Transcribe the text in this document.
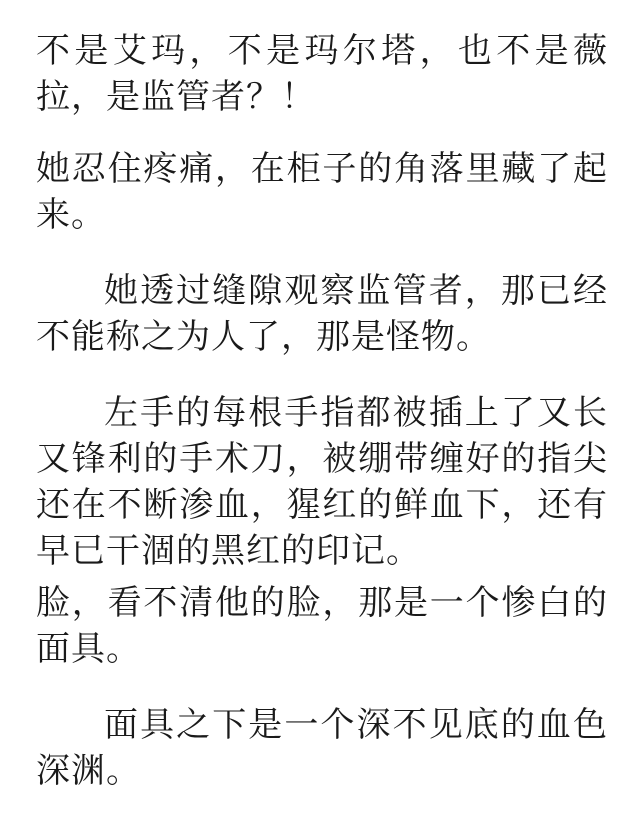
不是艾玛，不是玛尔塔，也不是薇拉，是监管者？！

她忍住疼痛，在柜子的角落里藏了起来。

她透过缝隙观察监管者，那已经不能称之为人了，那是怪物。

左手的每根手指都被插上了又长又锋利的手术刀，被绷带缠好的指尖还在不断渗血，猩红的鲜血下，还有早已干涸的黑红的印记。

脸，看不清他的脸，那是一个惨白的面具。

面具之下是一个深不见底的血色深渊。
